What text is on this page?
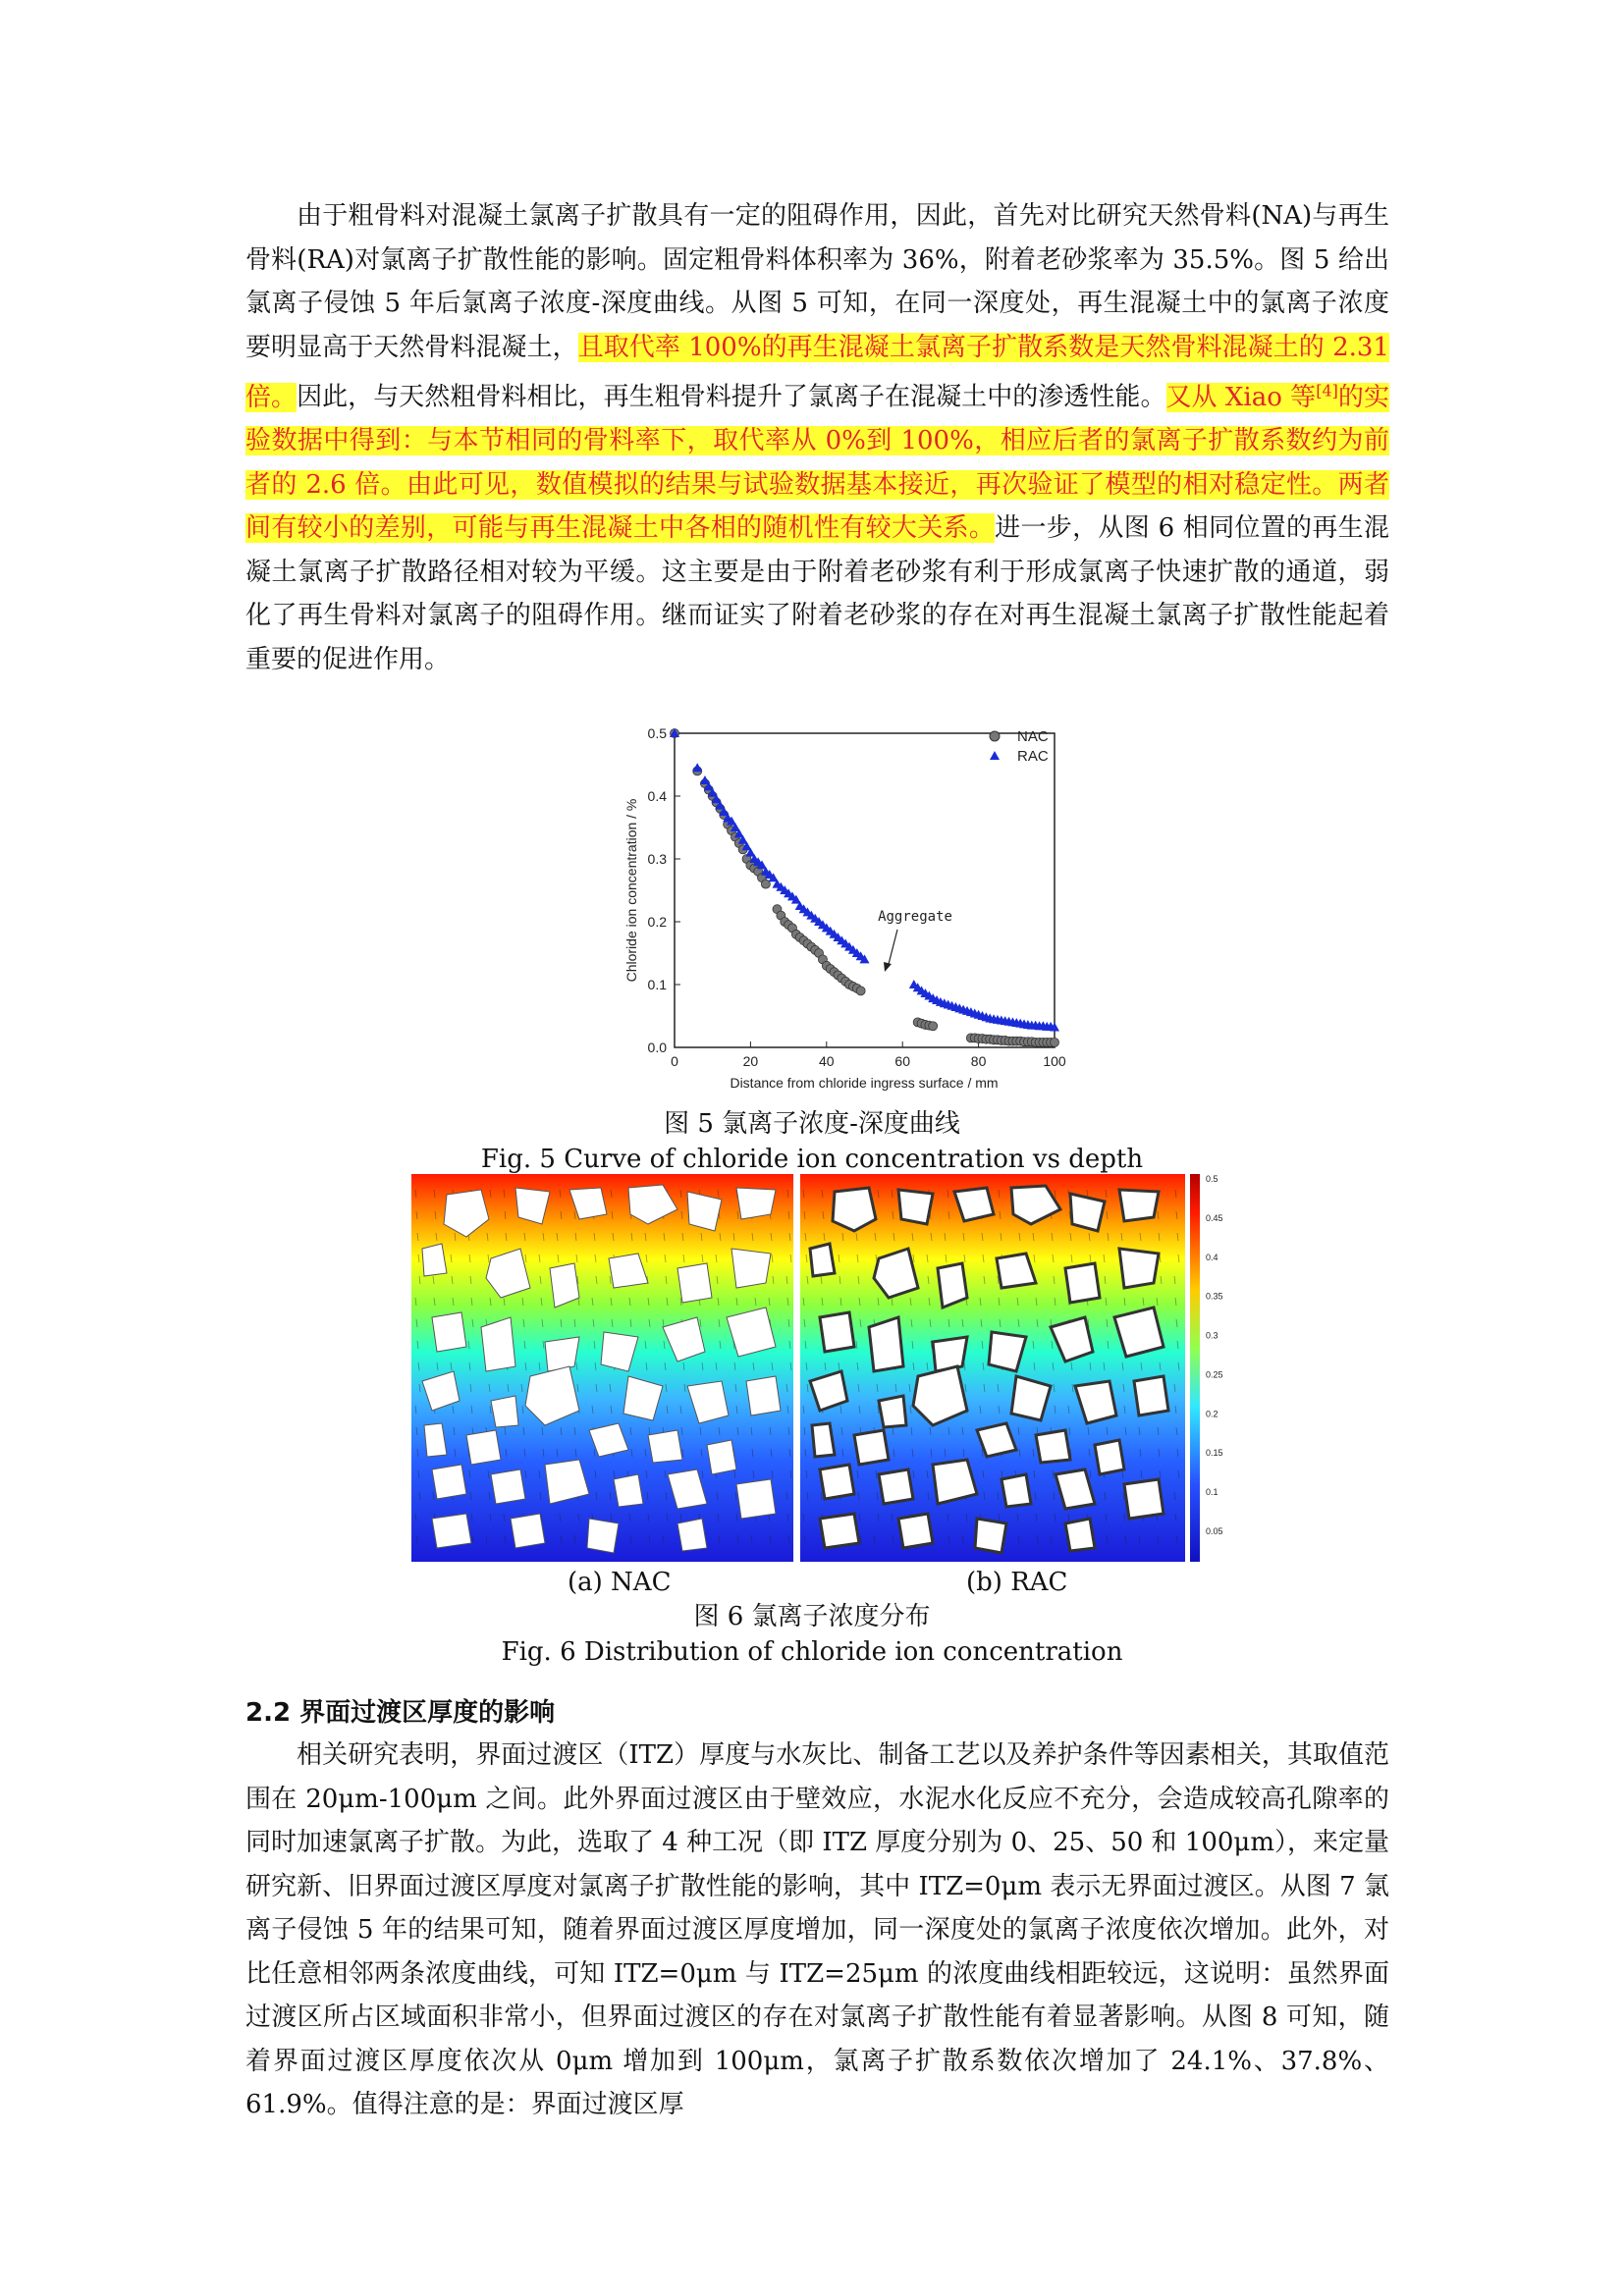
由于粗骨料对混凝土氯离子扩散具有一定的阻碍作用，因此，首先对比研究天然骨料(NA)与再生骨料(RA)对氯离子扩散性能的影响。固定粗骨料体积率为 36%，附着老砂浆率为 35.5%。图 5 给出氯离子侵蚀 5 年后氯离子浓度-深度曲线。从图 5 可知，在同一深度处，再生混凝土中的氯离子浓度要明显高于天然骨料混凝土，且取代率 100%的再生混凝土氯离子扩散系数是天然骨料混凝土的 2.31 倍。因此，与天然粗骨料相比，再生粗骨料提升了氯离子在混凝土中的渗透性能。又从 Xiao 等[4]的实验数据中得到：与本节相同的骨料率下，取代率从 0%到 100%，相应后者的氯离子扩散系数约为前者的 2.6 倍。由此可见，数值模拟的结果与试验数据基本接近，再次验证了模型的相对稳定性。两者间有较小的差别，可能与再生混凝土中各相的随机性有较大关系。进一步，从图 6 相同位置的再生混凝土氯离子扩散路径相对较为平缓。这主要是由于附着老砂浆有利于形成氯离子快速扩散的通道，弱化了再生骨料对氯离子的阻碍作用。继而证实了附着老砂浆的存在对再生混凝土氯离子扩散性能起着重要的促进作用。
0	20	40	60	80	100
0.0
0.1
0.2
0.3
0.4
0.5
Distance from chloride ingress surface / mm
Chloride ion concentration / %
NAC
RAC
Aggregate
图 5 氯离子浓度-深度曲线
Fig. 5 Curve of chloride ion concentration vs depth
0.5
0.45
0.4
0.35
0.3
0.25
0.2
0.15
0.1
0.05
(a) NAC	(b) RAC
图 6 氯离子浓度分布
Fig. 6 Distribution of chloride ion concentration
2.2 界面过渡区厚度的影响
相关研究表明，界面过渡区（ITZ）厚度与水灰比、制备工艺以及养护条件等因素相关，其取值范围在 20μm-100μm 之间。此外界面过渡区由于壁效应，水泥水化反应不充分，会造成较高孔隙率的同时加速氯离子扩散。为此，选取了 4 种工况（即 ITZ 厚度分别为 0、25、50 和 100μm），来定量研究新、旧界面过渡区厚度对氯离子扩散性能的影响，其中 ITZ=0μm 表示无界面过渡区。从图 7 氯离子侵蚀 5 年的结果可知，随着界面过渡区厚度增加，同一深度处的氯离子浓度依次增加。此外，对比任意相邻两条浓度曲线，可知 ITZ=0μm 与 ITZ=25μm 的浓度曲线相距较远，这说明：虽然界面过渡区所占区域面积非常小，但界面过渡区的存在对氯离子扩散性能有着显著影响。从图 8 可知，随着界面过渡区厚度依次从 0μm 增加到 100μm，氯离子扩散系数依次增加了 24.1%、37.8%、61.9%。值得注意的是：界面过渡区厚
